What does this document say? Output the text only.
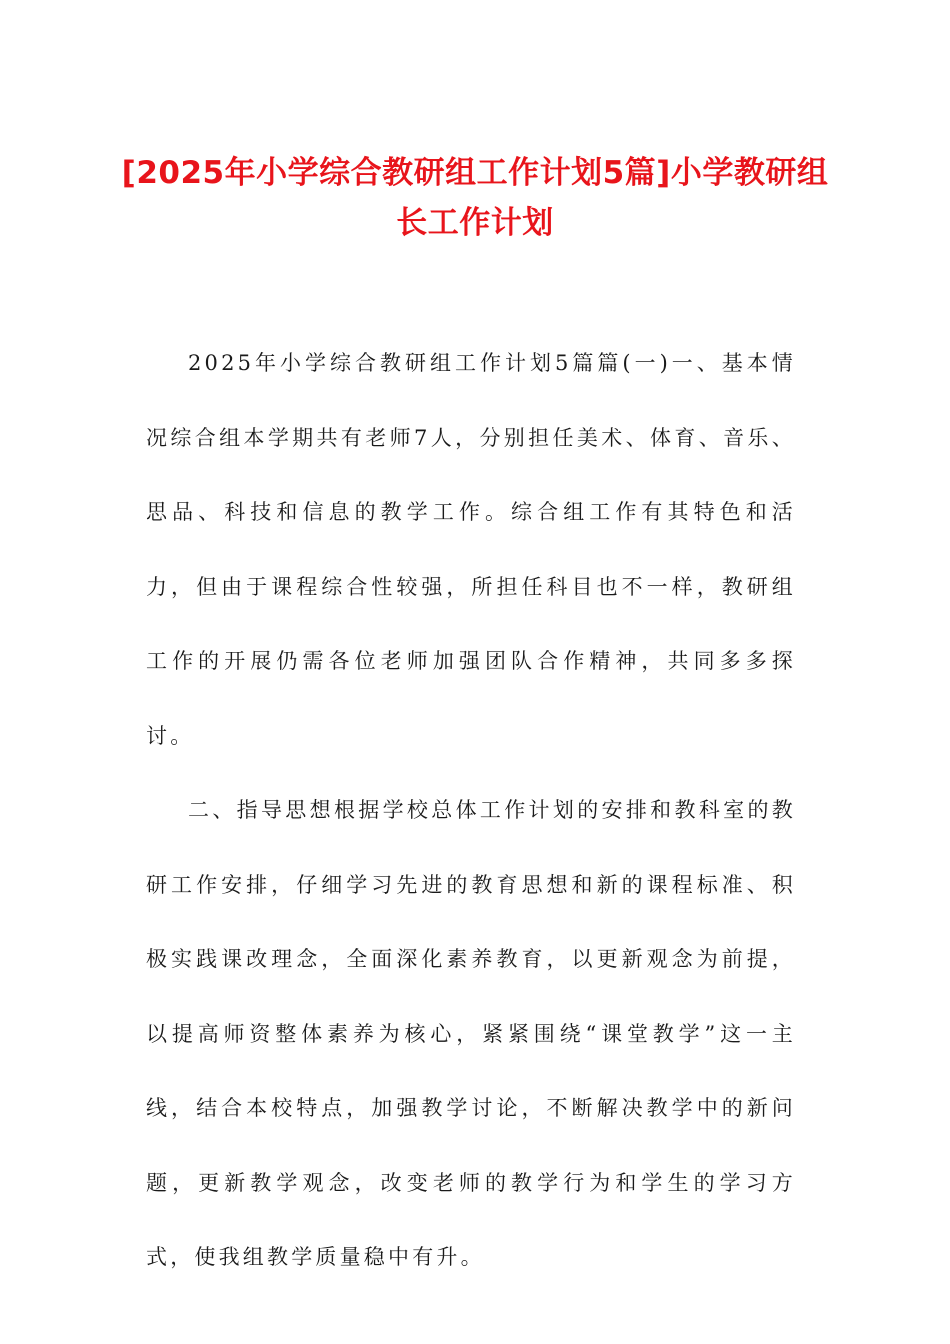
[2025年小学综合教研组工作计划5篇]小学教研组长工作计划

2025年小学综合教研组工作计划5篇篇(一)一、基本情况综合组本学期共有老师7人，分别担任美术、体育、音乐、思品、科技和信息的教学工作。综合组工作有其特色和活力，但由于课程综合性较强，所担任科目也不一样，教研组工作的开展仍需各位老师加强团队合作精神，共同多多探讨。

二、指导思想根据学校总体工作计划的安排和教科室的教研工作安排，仔细学习先进的教育思想和新的课程标准、积极实践课改理念，全面深化素养教育，以更新观念为前提，以提高师资整体素养为核心，紧紧围绕“课堂教学”这一主线，结合本校特点，加强教学讨论，不断解决教学中的新问题，更新教学观念，改变老师的教学行为和学生的学习方式，使我组教学质量稳中有升。
